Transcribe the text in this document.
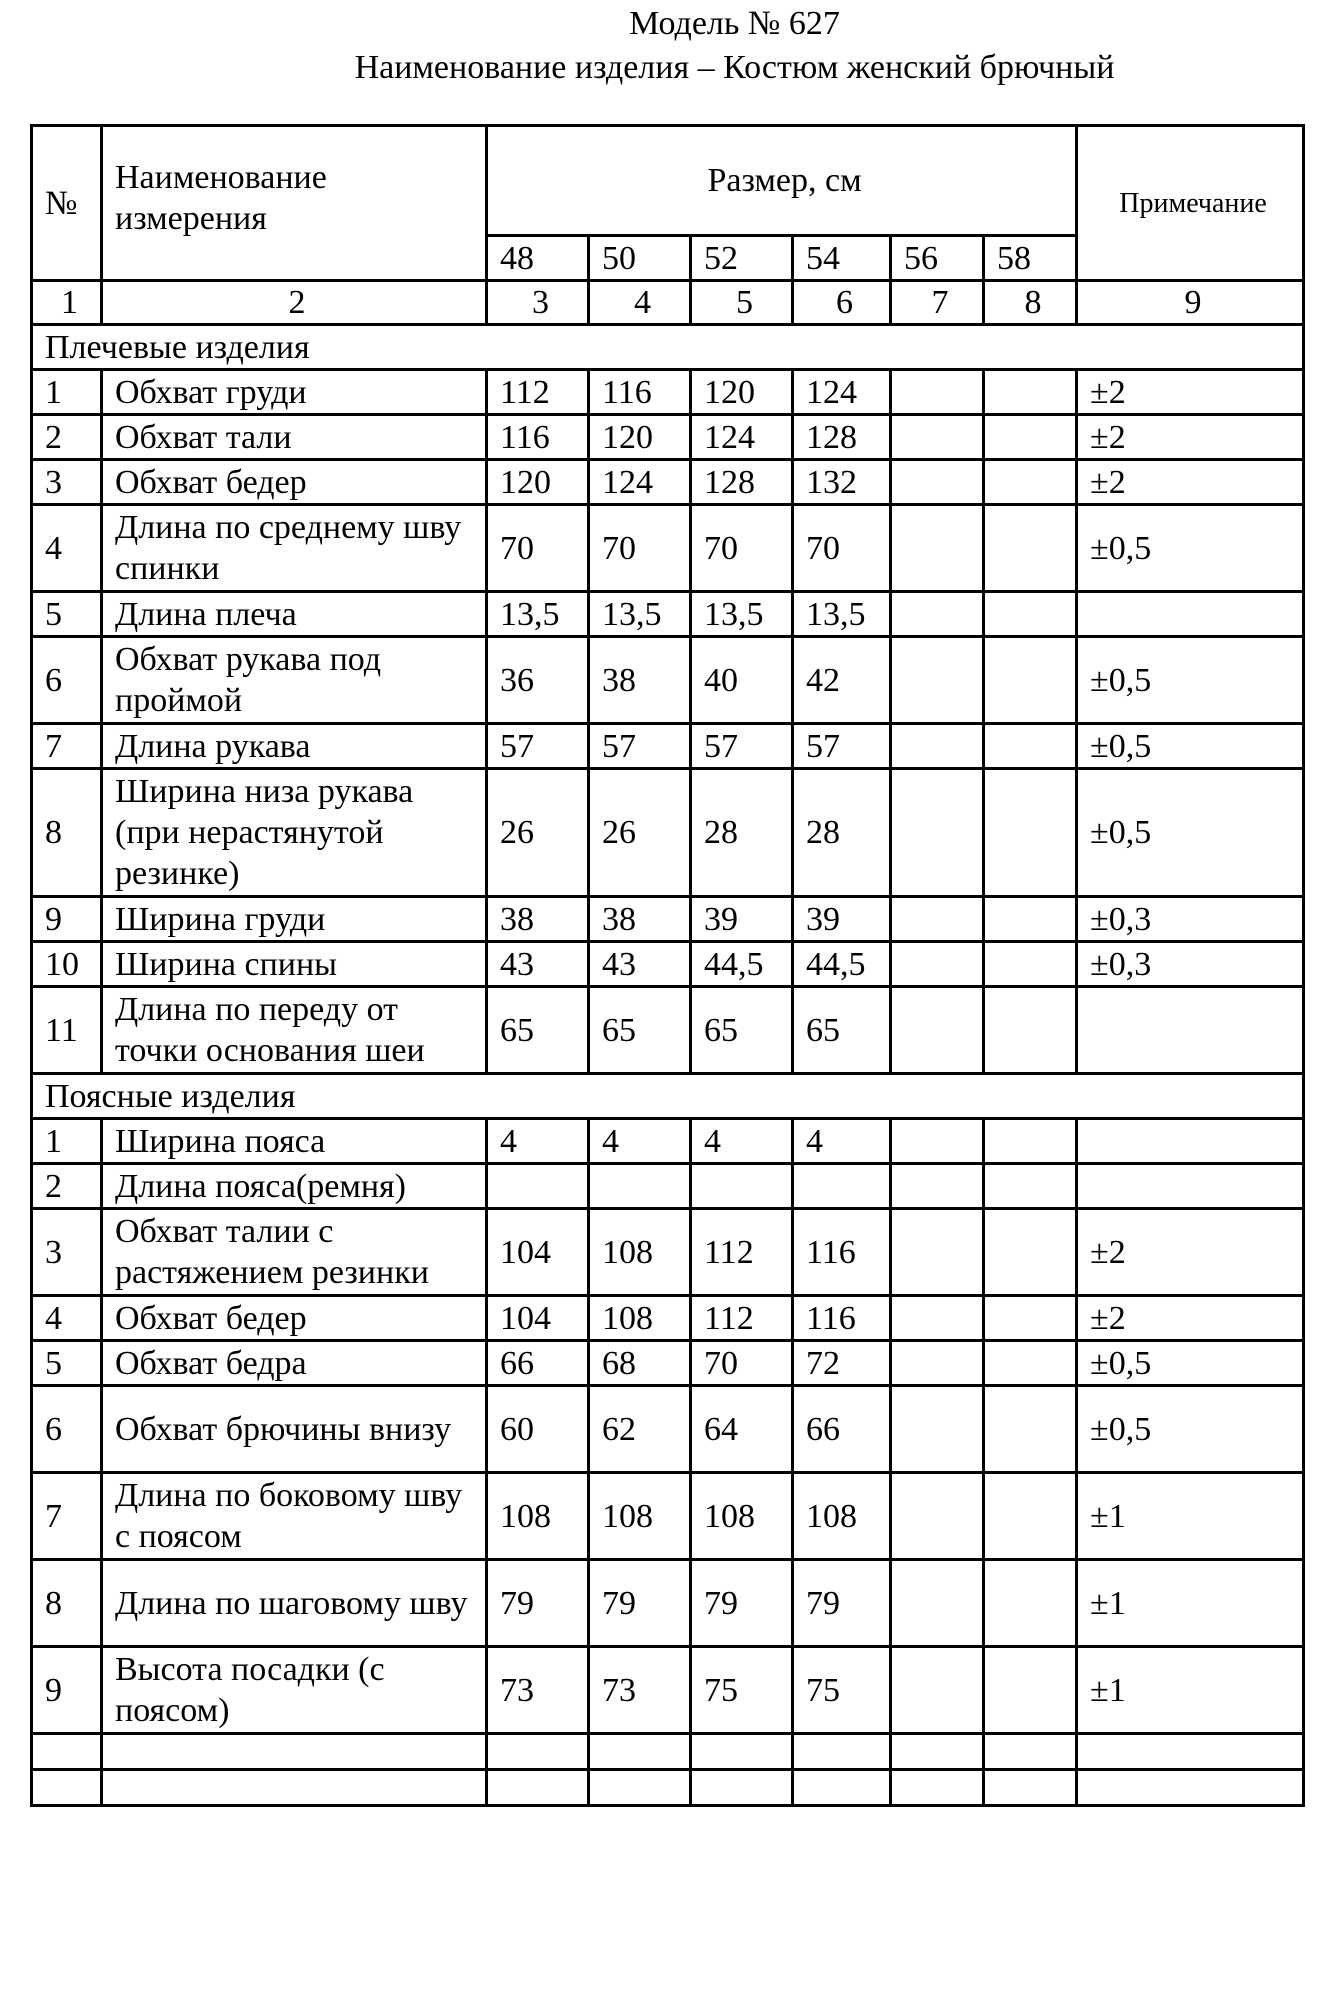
Модель № 627
Наименование изделия – Костюм женский брючный
№	Наименование измерения	Размер, см						Примечание
		48	50	52	54	56	58	
1	2	3	4	5	6	7	8	9
Плечевые изделия								
1	Обхват груди	112	116	120	124			±2
2	Обхват тали	116	120	124	128			±2
3	Обхват бедер	120	124	128	132			±2
4	Длина по среднему шву спинки	70	70	70	70			±0,5
5	Длина плеча	13,5	13,5	13,5	13,5			
6	Обхват рукава под проймой	36	38	40	42			±0,5
7	Длина рукава	57	57	57	57			±0,5
8	Ширина низа рукава (при нерастянутой резинке)	26	26	28	28			±0,5
9	Ширина груди	38	38	39	39			±0,3
10	Ширина спины	43	43	44,5	44,5			±0,3
11	Длина по переду от точки основания шеи	65	65	65	65			
Поясные изделия								
1	Ширина пояса	4	4	4	4			
2	Длина пояса(ремня)							
3	Обхват талии с растяжением резинки	104	108	112	116			±2
4	Обхват бедер	104	108	112	116			±2
5	Обхват бедра	66	68	70	72			±0,5
6	Обхват брючины внизу	60	62	64	66			±0,5
7	Длина по боковому шву с поясом	108	108	108	108			±1
8	Длина по шаговому шву	79	79	79	79			±1
9	Высота посадки (с поясом)	73	73	75	75			±1
